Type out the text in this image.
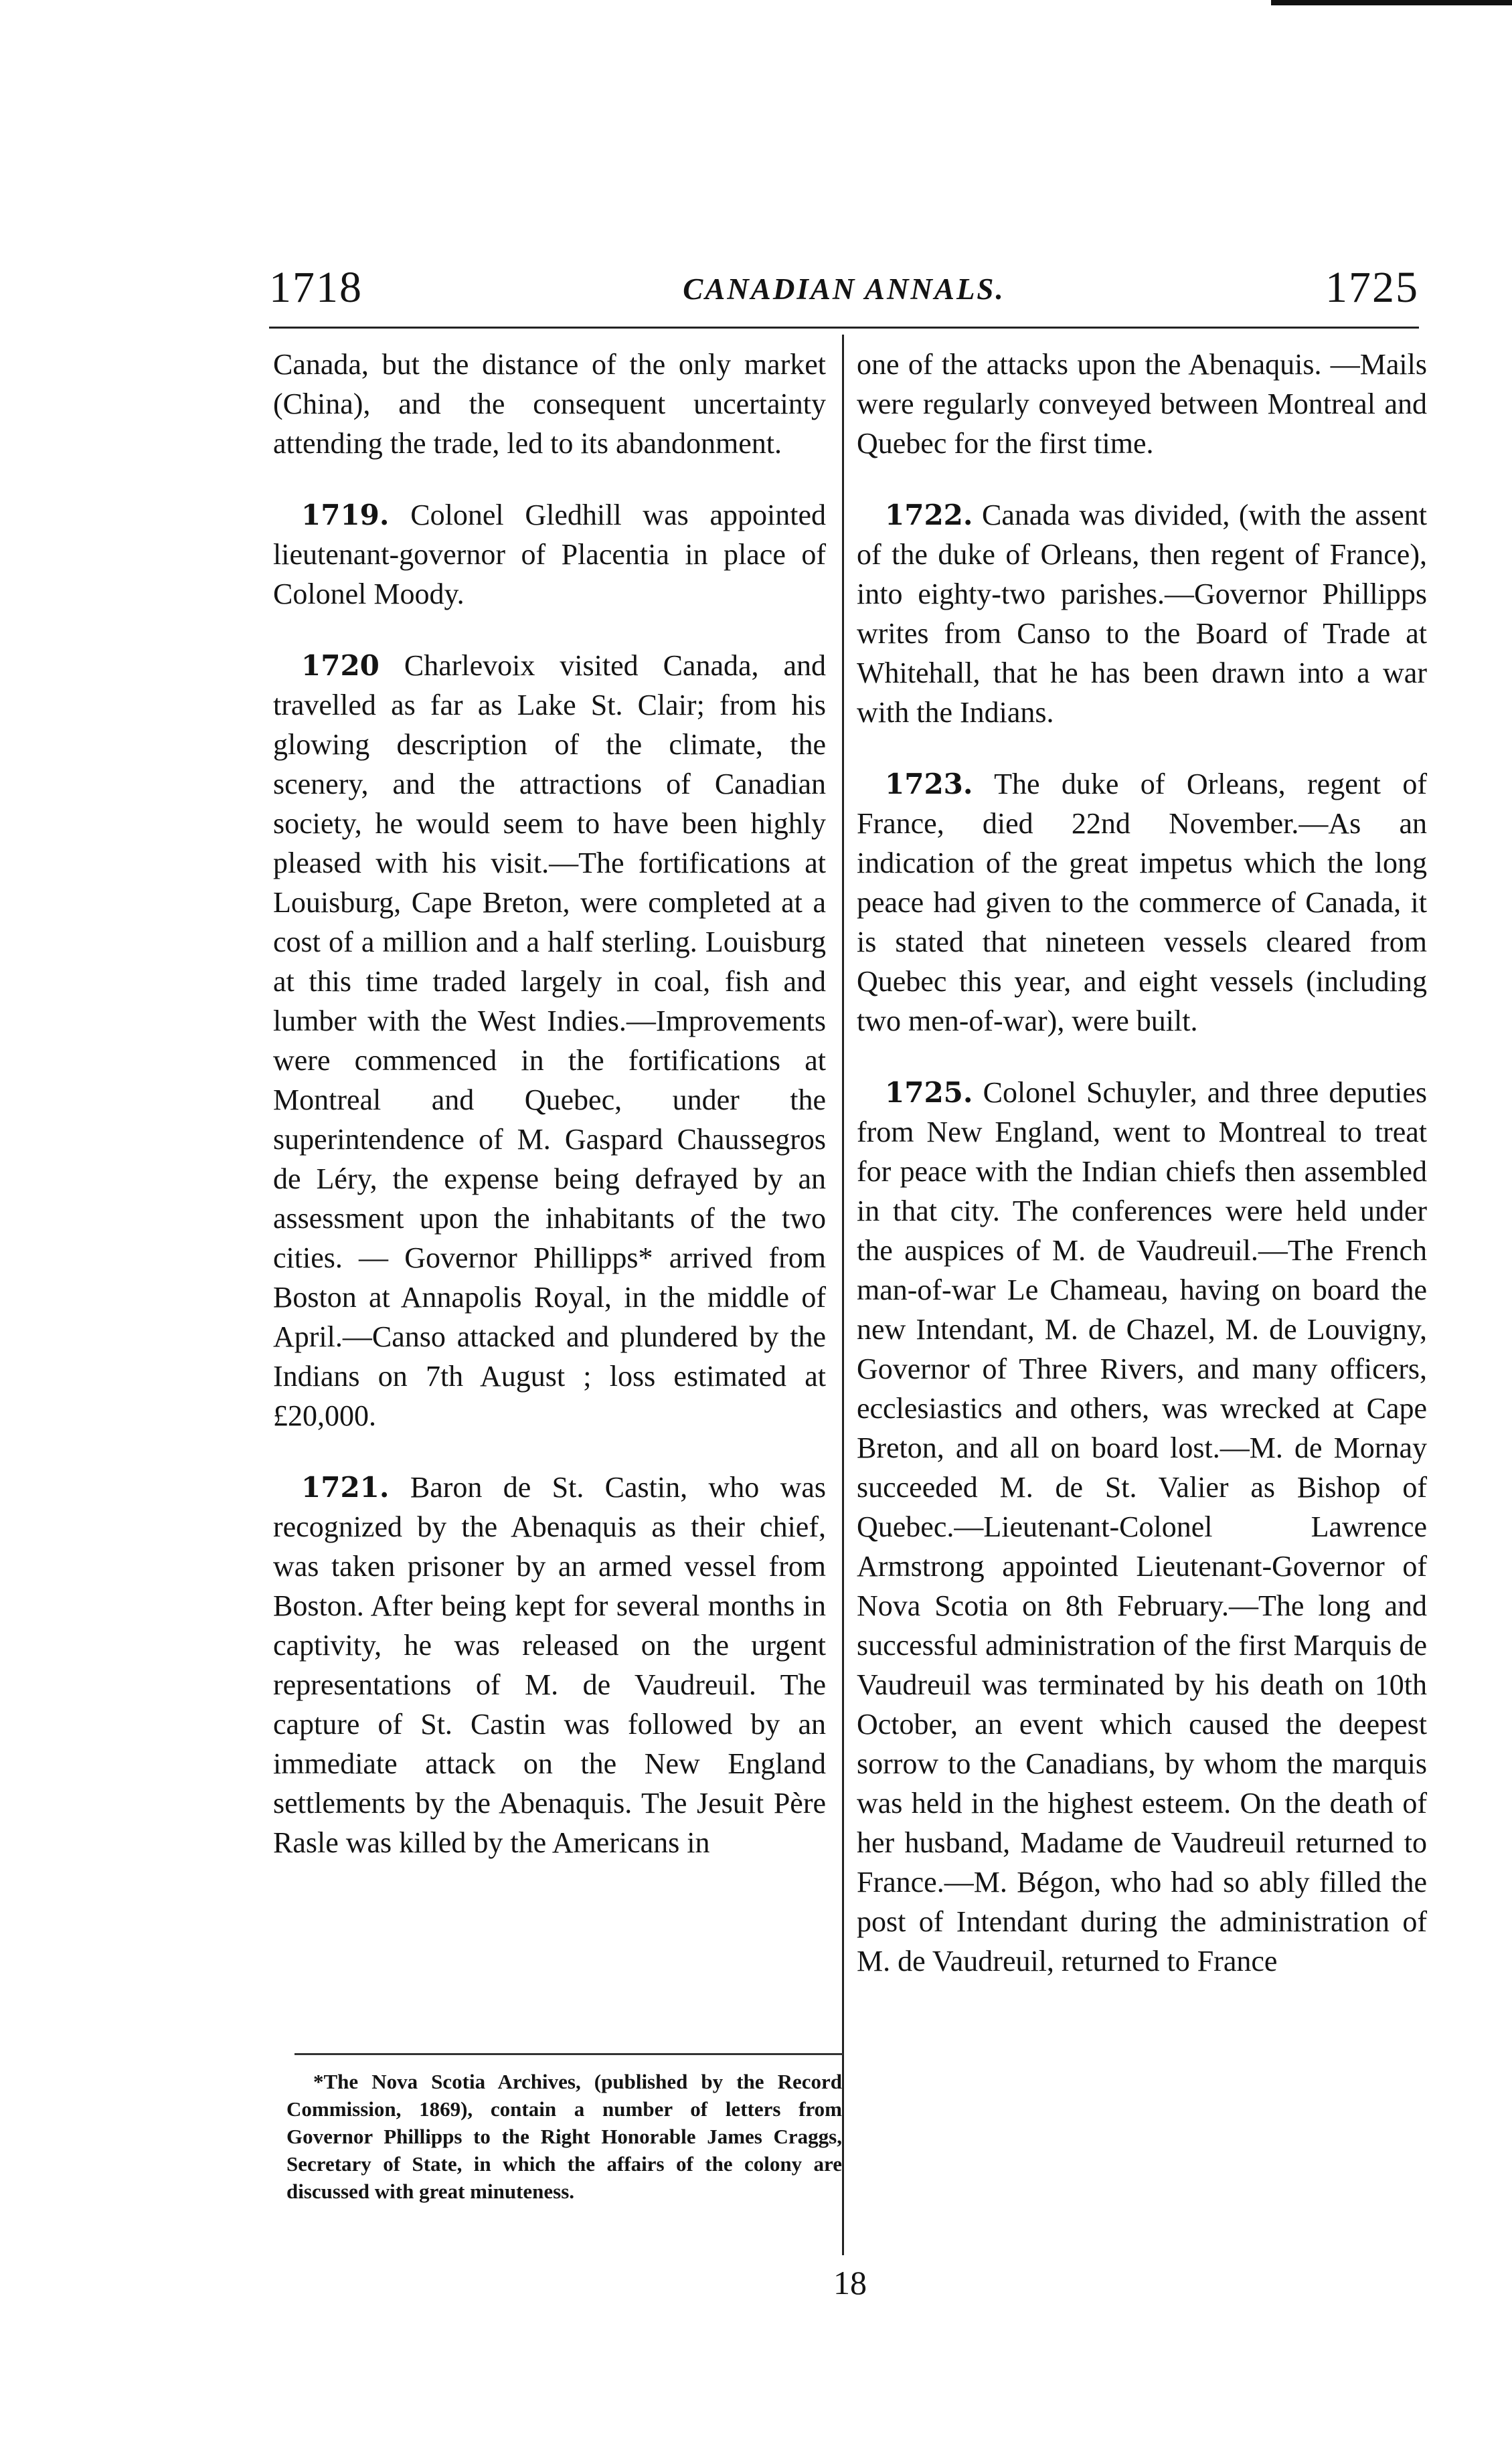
1718	CANADIAN ANNALS.	1725

Canada, but the distance of the only market (China), and the consequent uncertainty attending the trade, led to its abandonment.

1719. Colonel Gledhill was appointed lieutenant-governor of Placentia in place of Colonel Moody.

1720 Charlevoix visited Canada, and travelled as far as Lake St. Clair; from his glowing description of the climate, the scenery, and the attractions of Canadian society, he would seem to have been highly pleased with his visit.—The fortifications at Louisburg, Cape Breton, were completed at a cost of a million and a half sterling. Louisburg at this time traded largely in coal, fish and lumber with the West Indies.—Improvements were commenced in the fortifications at Montreal and Quebec, under the superintendence of M. Gaspard Chaussegros de Léry, the expense being defrayed by an assessment upon the inhabitants of the two cities. — Governor Phillipps* arrived from Boston at Annapolis Royal, in the middle of April.—Canso attacked and plundered by the Indians on 7th August ; loss estimated at £20,000.

1721. Baron de St. Castin, who was recognized by the Abenaquis as their chief, was taken prisoner by an armed vessel from Boston. After being kept for several months in captivity, he was released on the urgent representations of M. de Vaudreuil. The capture of St. Castin was followed by an immediate attack on the New England settlements by the Abenaquis. The Jesuit Père Rasle was killed by the Americans in

one of the attacks upon the Abenaquis. —Mails were regularly conveyed between Montreal and Quebec for the first time.

1722. Canada was divided, (with the assent of the duke of Orleans, then regent of France), into eighty-two parishes.—Governor Phillipps writes from Canso to the Board of Trade at Whitehall, that he has been drawn into a war with the Indians.

1723. The duke of Orleans, regent of France, died 22nd November.—As an indication of the great impetus which the long peace had given to the commerce of Canada, it is stated that nineteen vessels cleared from Quebec this year, and eight vessels (including two men-of-war), were built.

1725. Colonel Schuyler, and three deputies from New England, went to Montreal to treat for peace with the Indian chiefs then assembled in that city. The conferences were held under the auspices of M. de Vaudreuil.—The French man-of-war Le Chameau, having on board the new Intendant, M. de Chazel, M. de Louvigny, Governor of Three Rivers, and many officers, ecclesiastics and others, was wrecked at Cape Breton, and all on board lost.—M. de Mornay succeeded M. de St. Valier as Bishop of Quebec.—Lieutenant-Colonel Lawrence Armstrong appointed Lieutenant-Governor of Nova Scotia on 8th February.—The long and successful administration of the first Marquis de Vaudreuil was terminated by his death on 10th October, an event which caused the deepest sorrow to the Canadians, by whom the marquis was held in the highest esteem. On the death of her husband, Madame de Vaudreuil returned to France.—M. Bégon, who had so ably filled the post of Intendant during the administration of M. de Vaudreuil, returned to France

*The Nova Scotia Archives, (published by the Record Commission, 1869), contain a number of letters from Governor Phillipps to the Right Honorable James Craggs, Secretary of State, in which the affairs of the colony are discussed with great minuteness.
18
